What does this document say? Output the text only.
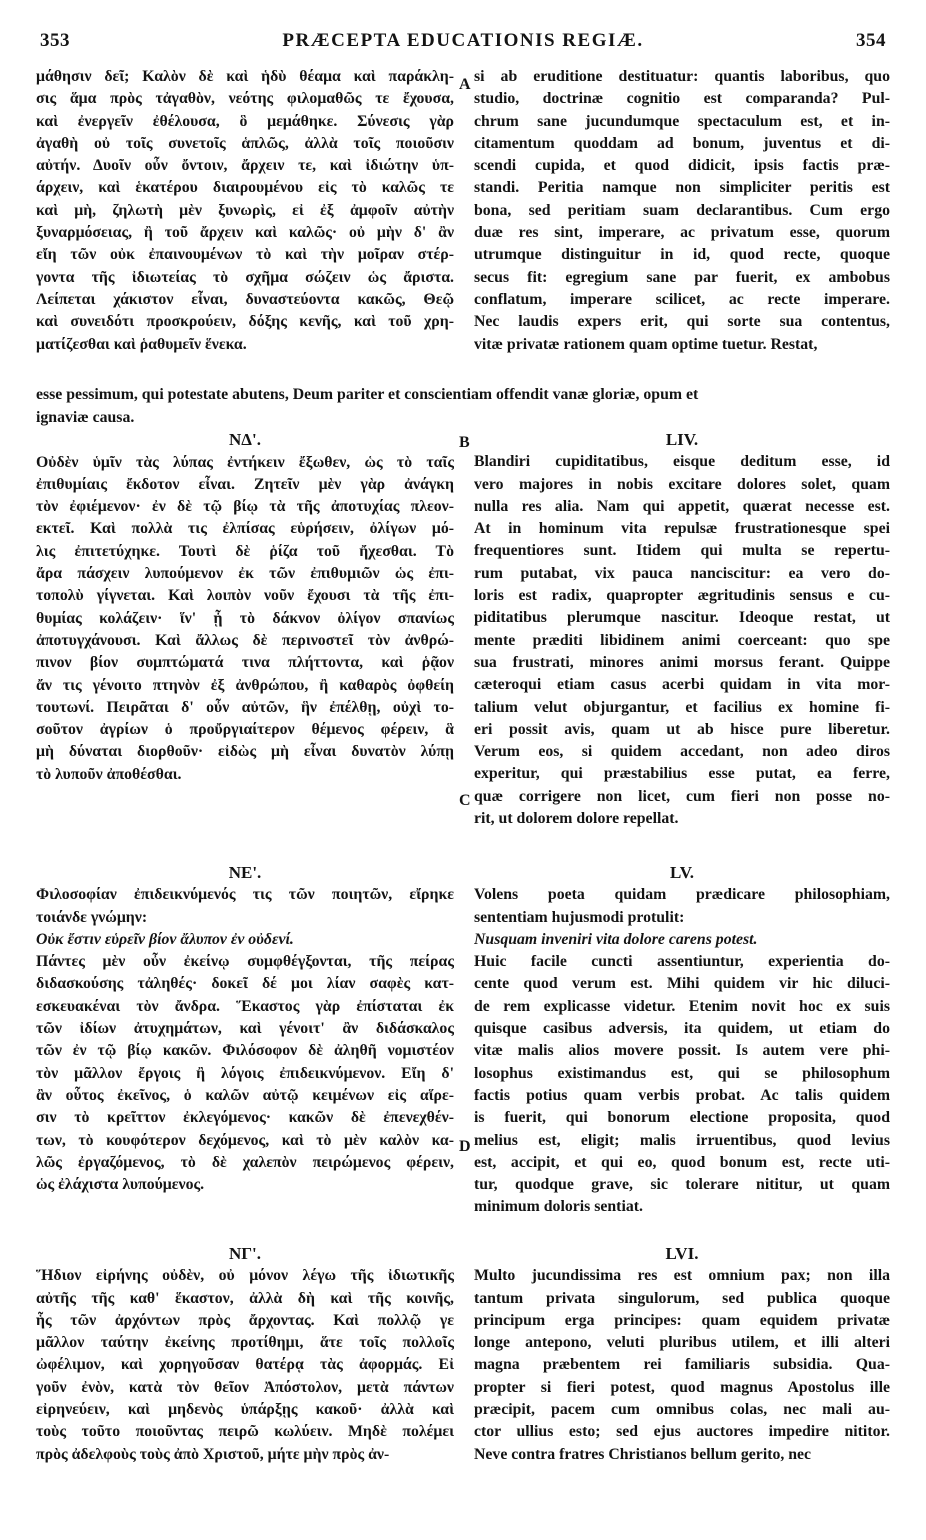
353	PRÆCEPTA EDUCATIONIS REGIÆ.	354
A
B
C
D
μάθησιν δεῖ; Καλὸν δὲ καὶ ἡδὺ θέαμα καὶ παράκλη-
σις ἅμα πρὸς τἀγαθὸν, νεότης φιλομαθῶς τε ἔχουσα,
καὶ ἐνεργεῖν ἐθέλουσα, ὃ μεμάθηκε. Σύνεσις γὰρ
ἀγαθὴ οὐ τοῖς συνετοῖς ἁπλῶς, ἀλλὰ τοῖς ποιοῦσιν
αὐτήν. Δυοῖν οὖν ὄντοιν, ἄρχειν τε, καὶ ἰδιώτην ὑπ-
άρχειν, καὶ ἑκατέρου διαιρουμένου εἰς τὸ καλῶς τε
καὶ μὴ, ζηλωτὴ μὲν ξυνωρὶς, εἰ ἐξ ἀμφοῖν αὐτὴν
ξυναρμόσειας, ἢ τοῦ ἄρχειν καὶ καλῶς· οὐ μὴν δ' ἂν
εἴη τῶν οὐκ ἐπαινουμένων τὸ καὶ τὴν μοῖραν στέρ-
γοντα τῆς ἰδιωτείας τὸ σχῆμα σώζειν ὡς ἄριστα.
Λείπεται χάκιστον εἶναι, δυναστεύοντα κακῶς, Θεῷ
καὶ συνειδότι προσκρούειν, δόξης κενῆς, καὶ τοῦ χρη-
ματίζεσθαι καὶ ῥαθυμεῖν ἕνεκα.
si ab eruditione destituatur: quantis laboribus, quo
studio, doctrinæ cognitio est comparanda? Pul-
chrum sane jucundumque spectaculum est, et in-
citamentum quoddam ad bonum, juventus et di-
scendi cupida, et quod didicit, ipsis factis præ-
standi. Peritia namque non simpliciter peritis est
bona, sed peritiam suam declarantibus. Cum ergo
duæ res sint, imperare, ac privatum esse, quorum
utrumque distinguitur in id, quod recte, quoque
secus fit: egregium sane par fuerit, ex ambobus
conflatum, imperare scilicet, ac recte imperare.
Nec laudis expers erit, qui sorte sua contentus,
vitæ privatæ rationem quam optime tuetur. Restat,
esse pessimum, qui potestate abutens, Deum pariter et conscientiam offendit vanæ gloriæ, opum et
ignaviæ causa.
ΝΔ'.
Οὐδὲν ὑμῖν τὰς λύπας ἐντήκειν ἔξωθεν, ὡς τὸ ταῖς
ἐπιθυμίαις ἔκδοτον εἶναι. Ζητεῖν μὲν γὰρ ἀνάγκη
τὸν ἐφιέμενον· ἐν δὲ τῷ βίῳ τὰ τῆς ἀποτυχίας πλεον-
εκτεῖ. Καὶ πολλὰ τις ἐλπίσας εὑρήσειν, ὀλίγων μό-
λις ἐπιτετύχηκε. Τουτὶ δὲ ῥίζα τοῦ ἤχεσθαι. Τὸ
ἄρα πάσχειν λυπούμενον ἐκ τῶν ἐπιθυμιῶν ὡς ἐπι-
τοπολὺ γίγνεται. Καὶ λοιπὸν νοῦν ἔχουσι τὰ τῆς ἐπι-
θυμίας κολάζειν· ἵν' ᾖ τὸ δάκνον ὀλίγον σπανίως
ἀποτυγχάνουσι. Καὶ ἄλλως δὲ περινοστεῖ τὸν ἀνθρώ-
πινον βίον συμπτώματά τινα πλήττοντα, καὶ ῥᾷον
ἄν τις γένοιτο πτηνὸν ἐξ ἀνθρώπου, ἢ καθαρὸς ὀφθείη
τουτωνί. Πειρᾶται δ' οὖν αὐτῶν, ἣν ἐπέλθῃ, οὐχὶ το-
σοῦτον ἀγρίων ὁ προὔργιαίτερον θέμενος φέρειν, ἃ
μὴ δύναται διορθοῦν· εἰδὼς μὴ εἶναι δυνατὸν λύπῃ
τὸ λυποῦν ἀποθέσθαι.
LIV.
Blandiri cupiditatibus, eisque deditum esse, id
vero majores in nobis excitare dolores solet, quam
nulla res alia. Nam qui appetit, quærat necesse est.
At in hominum vita repulsæ frustrationesque spei
frequentiores sunt. Itidem qui multa se repertu-
rum putabat, vix pauca nanciscitur: ea vero do-
loris est radix, quapropter ægritudinis sensus e cu-
piditatibus plerumque nascitur. Ideoque restat, ut
mente præditi libidinem animi coerceant: quo spe
sua frustrati, minores animi morsus ferant. Quippe
cæteroqui etiam casus acerbi quidam in vita mor-
talium velut objurgantur, et facilius ex homine fi-
eri possit avis, quam ut ab hisce pure liberetur.
Verum eos, si quidem accedant, non adeo diros
experitur, qui præstabilius esse putat, ea ferre,
quæ corrigere non licet, cum fieri non posse no-
rit, ut dolorem dolore repellat.
ΝΕ'.
Φιλοσοφίαν ἐπιδεικνύμενός τις τῶν ποιητῶν, εἴρηκε
τοιάνδε γνώμην:
Οὐκ ἔστιν εὑρεῖν βίον ἄλυπον ἐν οὐδενί.
Πάντες μὲν οὖν ἐκείνῳ συμφθέγξονται, τῆς πείρας
διδασκούσης τἀληθές· δοκεῖ δέ μοι λίαν σαφὲς κατ-
εσκευακέναι τὸν ἄνδρα. Ἕκαστος γὰρ ἐπίσταται ἐκ
τῶν ἰδίων ἀτυχημάτων, καὶ γένοιτ' ἂν διδάσκαλος
τῶν ἐν τῷ βίῳ κακῶν. Φιλόσοφον δὲ ἀληθῆ νομιστέον
τὸν μᾶλλον ἔργοις ἢ λόγοις ἐπιδεικνύμενον. Εἴη δ'
ἂν οὗτος ἐκεῖνος, ὁ καλῶν αὐτῷ κειμένων εἰς αἵρε-
σιν τὸ κρεῖττον ἐκλεγόμενος· κακῶν δὲ ἐπενεχθέν-
των, τὸ κουφότερον δεχόμενος, καὶ τὸ μὲν καλὸν κα-
λῶς ἐργαζόμενος, τὸ δὲ χαλεπὸν πειρώμενος φέρειν,
ὡς ἐλάχιστα λυπούμενος.
LV.
Volens poeta quidam prædicare philosophiam,
sententiam hujusmodi protulit:
Nusquam inveniri vita dolore carens potest.
Huic facile cuncti assentiuntur, experientia do-
cente quod verum est. Mihi quidem vir hic diluci-
de rem explicasse videtur. Etenim novit hoc ex suis
quisque casibus adversis, ita quidem, ut etiam do
vitæ malis alios movere possit. Is autem vere phi-
losophus existimandus est, qui se philosophum
factis potius quam verbis probat. Ac talis quidem
is fuerit, qui bonorum electione proposita, quod
melius est, eligit; malis irruentibus, quod levius
est, accipit, et qui eo, quod bonum est, recte uti-
tur, quodque grave, sic tolerare nititur, ut quam
minimum doloris sentiat.
ΝΓ'.
Ἥδιον εἰρήνης οὐδὲν, οὐ μόνον λέγω τῆς ἰδιωτικῆς
αὐτῆς τῆς καθ' ἕκαστον, ἀλλὰ δὴ καὶ τῆς κοινῆς,
ἧς τῶν ἀρχόντων πρὸς ἄρχοντας. Καὶ πολλῷ γε
μᾶλλον ταύτην ἐκείνης προτίθημι, ἅτε τοῖς πολλοῖς
ὠφέλιμον, καὶ χορηγοῦσαν θατέρᾳ τὰς ἀφορμάς. Εἰ
γοῦν ἐνὸν, κατὰ τὸν θεῖον Ἀπόστολον, μετὰ πάντων
εἰρηνεύειν, καὶ μηδενὸς ὑπάρξῃς κακοῦ· ἀλλὰ καὶ
τοὺς τοῦτο ποιοῦντας πειρῶ κωλύειν. Μηδὲ πολέμει
πρὸς ἀδελφοὺς τοὺς ἀπὸ Χριστοῦ, μήτε μὴν πρὸς ἀν-
LVI.
Multo jucundissima res est omnium pax; non illa
tantum privata singulorum, sed publica quoque
principum erga principes: quam equidem privatæ
longe antepono, veluti pluribus utilem, et illi alteri
magna præbentem rei familiaris subsidia. Qua-
propter si fieri potest, quod magnus Apostolus ille
præcipit, pacem cum omnibus colas, nec mali au-
ctor ullius esto; sed ejus auctores impedire nititor.
Neve contra fratres Christianos bellum gerito, nec
